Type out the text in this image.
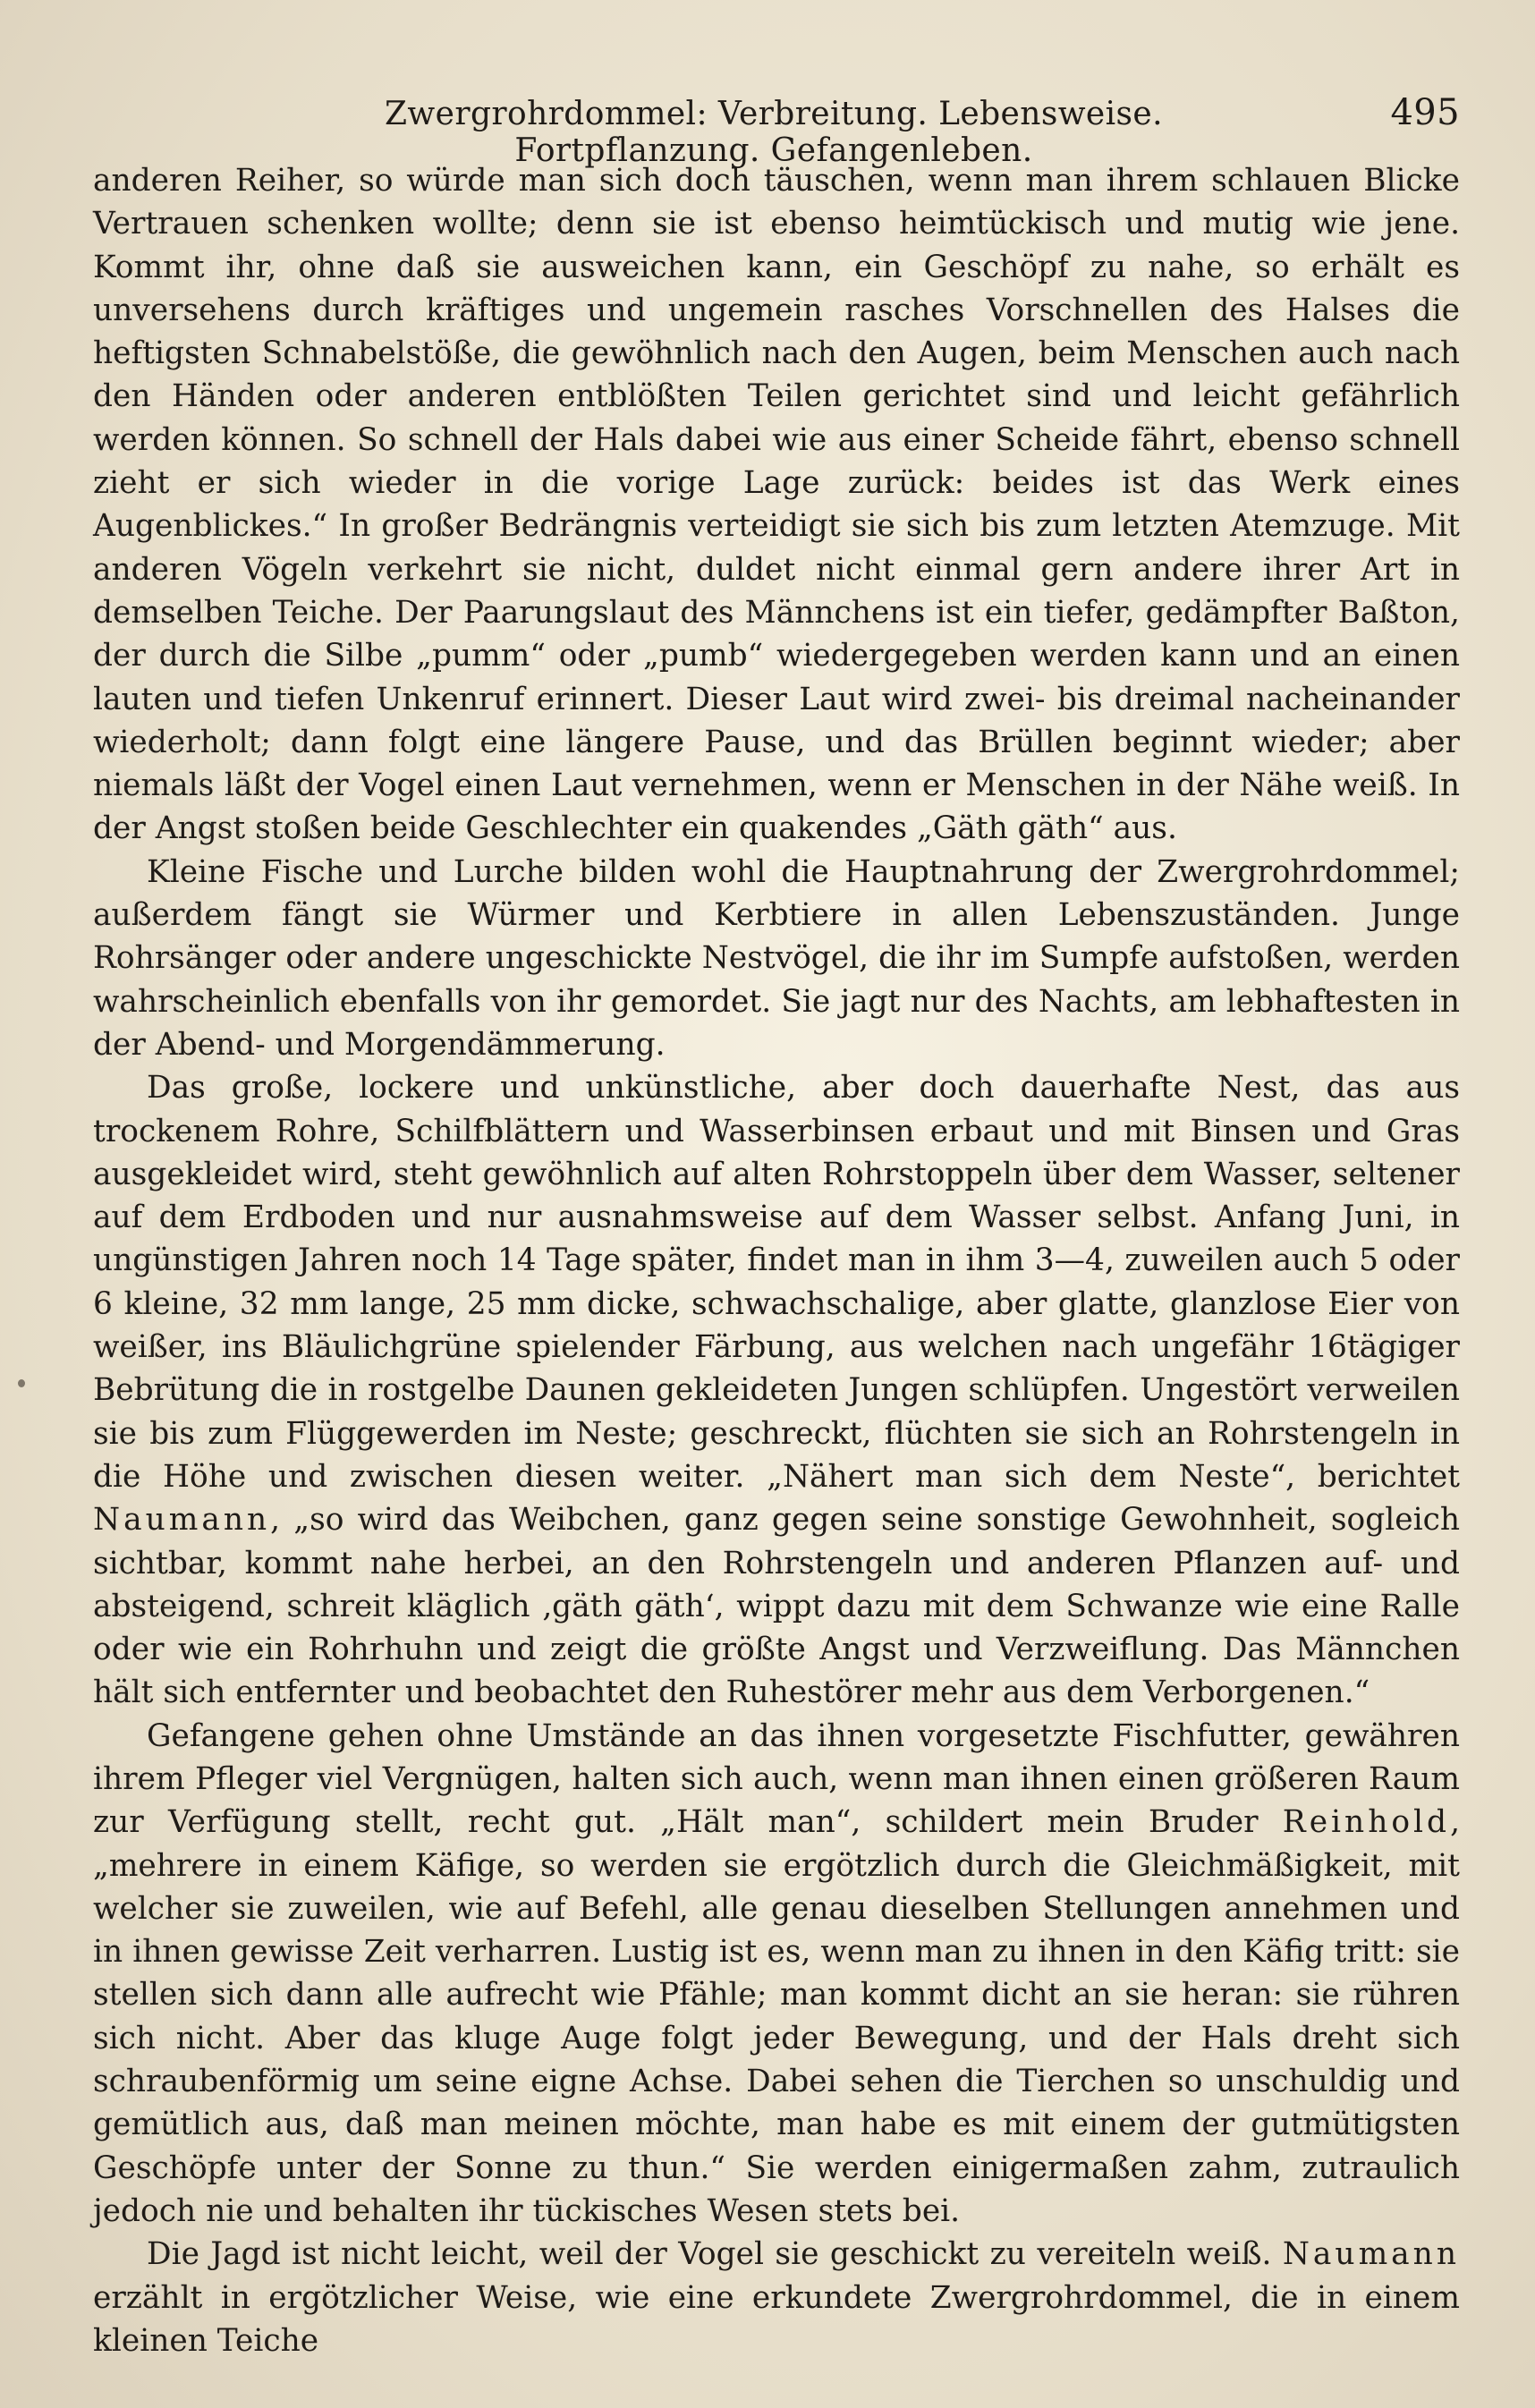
Zwergrohrdommel: Verbreitung. Lebensweise. Fortpflanzung. Gefangenleben.
495

anderen Reiher, so würde man sich doch täuschen, wenn man ihrem schlauen Blicke Vertrauen schenken wollte; denn sie ist ebenso heimtückisch und mutig wie jene. Kommt ihr, ohne daß sie ausweichen kann, ein Geschöpf zu nahe, so erhält es unversehens durch kräftiges und ungemein rasches Vorschnellen des Halses die heftigsten Schnabelstöße, die gewöhnlich nach den Augen, beim Menschen auch nach den Händen oder anderen entblößten Teilen gerichtet sind und leicht gefährlich werden können. So schnell der Hals dabei wie aus einer Scheide fährt, ebenso schnell zieht er sich wieder in die vorige Lage zurück: beides ist das Werk eines Augenblickes.“ In großer Bedrängnis verteidigt sie sich bis zum letzten Atemzuge. Mit anderen Vögeln verkehrt sie nicht, duldet nicht einmal gern andere ihrer Art in demselben Teiche. Der Paarungslaut des Männchens ist ein tiefer, gedämpfter Baßton, der durch die Silbe „pumm“ oder „pumb“ wiedergegeben werden kann und an einen lauten und tiefen Unkenruf erinnert. Dieser Laut wird zwei- bis dreimal nacheinander wiederholt; dann folgt eine längere Pause, und das Brüllen beginnt wieder; aber niemals läßt der Vogel einen Laut vernehmen, wenn er Menschen in der Nähe weiß. In der Angst stoßen beide Geschlechter ein quakendes „Gäth gäth“ aus.

Kleine Fische und Lurche bilden wohl die Hauptnahrung der Zwergrohrdommel; außerdem fängt sie Würmer und Kerbtiere in allen Lebenszuständen. Junge Rohrsänger oder andere ungeschickte Nestvögel, die ihr im Sumpfe aufstoßen, werden wahrscheinlich ebenfalls von ihr gemordet. Sie jagt nur des Nachts, am lebhaftesten in der Abend- und Morgendämmerung.

Das große, lockere und unkünstliche, aber doch dauerhafte Nest, das aus trockenem Rohre, Schilfblättern und Wasserbinsen erbaut und mit Binsen und Gras ausgekleidet wird, steht gewöhnlich auf alten Rohrstoppeln über dem Wasser, seltener auf dem Erdboden und nur ausnahmsweise auf dem Wasser selbst. Anfang Juni, in ungünstigen Jahren noch 14 Tage später, findet man in ihm 3—4, zuweilen auch 5 oder 6 kleine, 32 mm lange, 25 mm dicke, schwachschalige, aber glatte, glanzlose Eier von weißer, ins Bläulichgrüne spielender Färbung, aus welchen nach ungefähr 16tägiger Bebrütung die in rostgelbe Daunen gekleideten Jungen schlüpfen. Ungestört verweilen sie bis zum Flüggewerden im Neste; geschreckt, flüchten sie sich an Rohrstengeln in die Höhe und zwischen diesen weiter. „Nähert man sich dem Neste“, berichtet Naumann, „so wird das Weibchen, ganz gegen seine sonstige Gewohnheit, sogleich sichtbar, kommt nahe herbei, an den Rohrstengeln und anderen Pflanzen auf- und absteigend, schreit kläglich ‚gäth gäth‘, wippt dazu mit dem Schwanze wie eine Ralle oder wie ein Rohrhuhn und zeigt die größte Angst und Verzweiflung. Das Männchen hält sich entfernter und beobachtet den Ruhestörer mehr aus dem Verborgenen.“

Gefangene gehen ohne Umstände an das ihnen vorgesetzte Fischfutter, gewähren ihrem Pfleger viel Vergnügen, halten sich auch, wenn man ihnen einen größeren Raum zur Verfügung stellt, recht gut. „Hält man“, schildert mein Bruder Reinhold, „mehrere in einem Käfige, so werden sie ergötzlich durch die Gleichmäßigkeit, mit welcher sie zuweilen, wie auf Befehl, alle genau dieselben Stellungen annehmen und in ihnen gewisse Zeit verharren. Lustig ist es, wenn man zu ihnen in den Käfig tritt: sie stellen sich dann alle aufrecht wie Pfähle; man kommt dicht an sie heran: sie rühren sich nicht. Aber das kluge Auge folgt jeder Bewegung, und der Hals dreht sich schraubenförmig um seine eigne Achse. Dabei sehen die Tierchen so unschuldig und gemütlich aus, daß man meinen möchte, man habe es mit einem der gutmütigsten Geschöpfe unter der Sonne zu thun.“ Sie werden einigermaßen zahm, zutraulich jedoch nie und behalten ihr tückisches Wesen stets bei.

Die Jagd ist nicht leicht, weil der Vogel sie geschickt zu vereiteln weiß. Naumann erzählt in ergötzlicher Weise, wie eine erkundete Zwergrohrdommel, die in einem kleinen Teiche
